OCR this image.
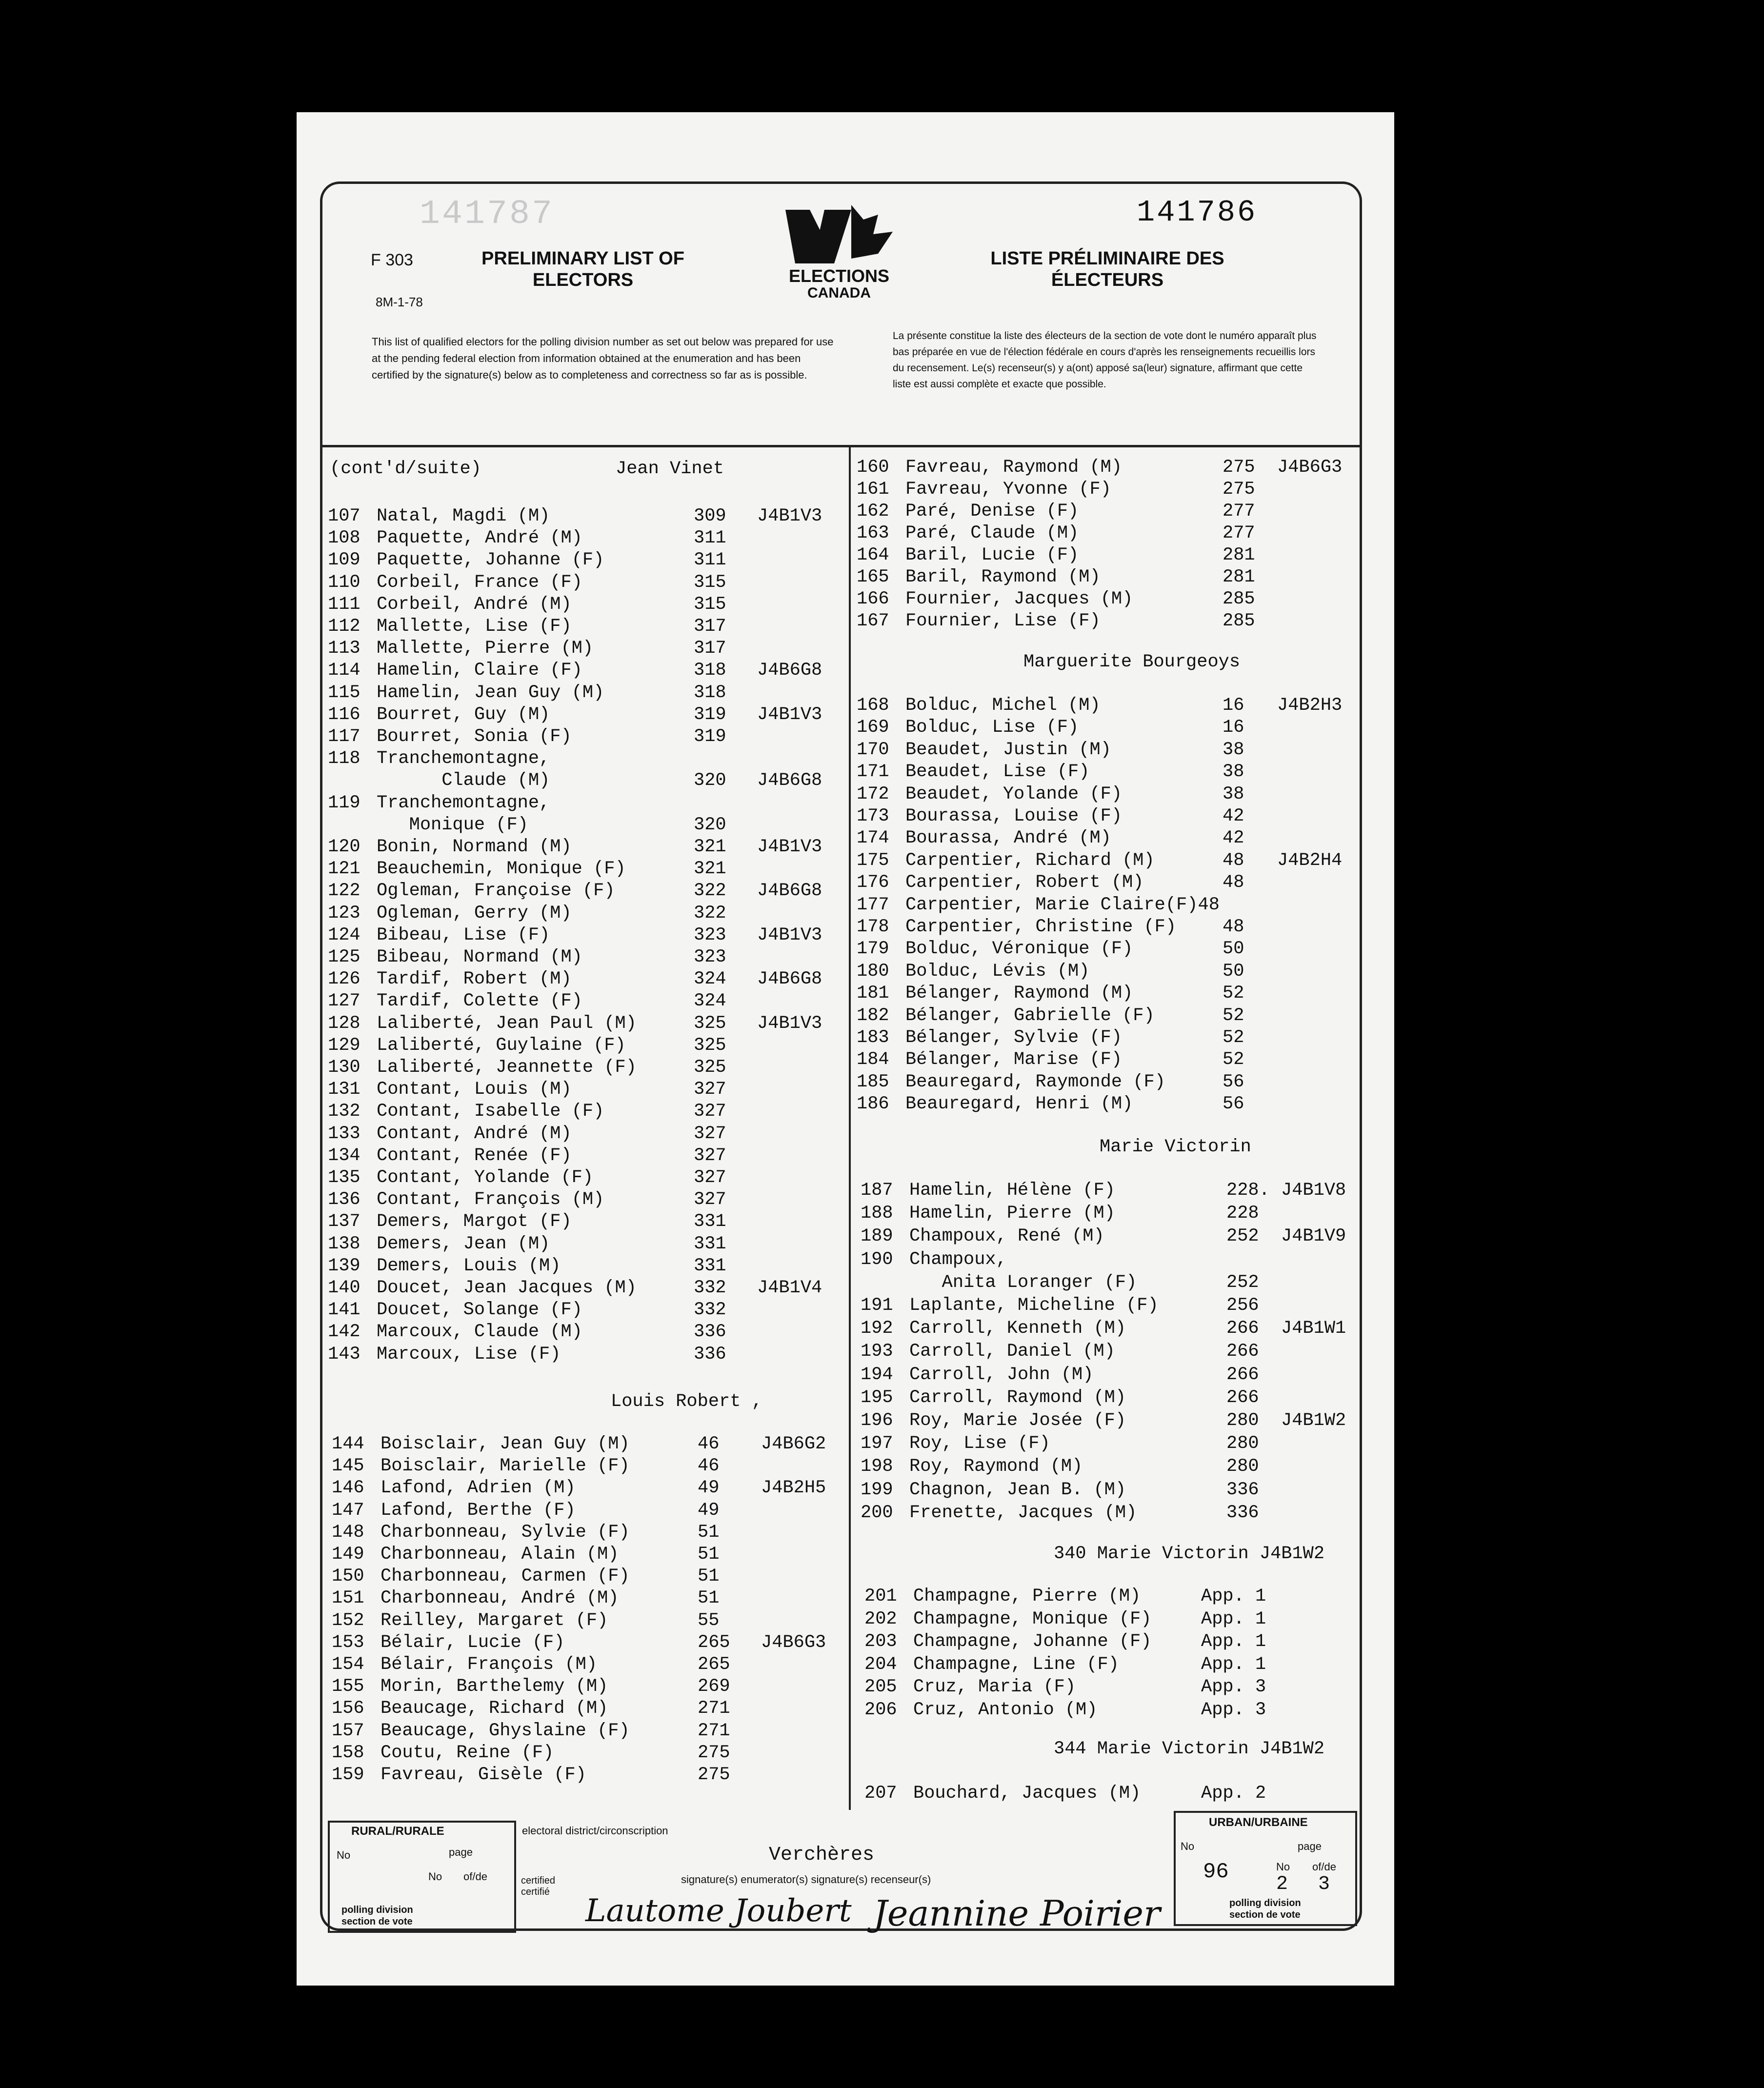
141787	141786
F 303
8M-1-78
PRELIMINARY LIST OF
ELECTORS
LISTE PRÉLIMINAIRE DES
ÉLECTEURS
ELECTIONS
CANADA
This list of qualified electors for the polling division number as set out below was prepared for use at the pending federal election from information obtained at the enumeration and has been certified by the signature(s) below as to completeness and correctness so far as is possible.
La présente constitue la liste des électeurs de la section de vote dont le numéro apparaît plus bas préparée en vue de l'élection fédérale en cours d'après les renseignements recueillis lors du recensement. Le(s) recenseur(s) y a(ont) apposé sa(leur) signature, affirmant que cette liste est aussi complète et exacte que possible.
(cont'd/suite)	Jean Vinet
Louis Robert ,
Marguerite Bourgeoys
Marie Victorin
340 Marie Victorin J4B1W2
344 Marie Victorin J4B1W2
107 Natal, Magdi (M)	309 J4B1V3
108 Paquette, André (M)	311
109 Paquette, Johanne (F)	311
110 Corbeil, France (F)	315
111 Corbeil, André (M)	315
112 Mallette, Lise (F)	317
113 Mallette, Pierre (M)	317
114 Hamelin, Claire (F)	318 J4B6G8
115 Hamelin, Jean Guy (M)	318
116 Bourret, Guy (M)	319 J4B1V3
117 Bourret, Sonia (F)	319
118 Tranchemontagne,
Claude (M)	320 J4B6G8
119 Tranchemontagne,
Monique (F)	320
120 Bonin, Normand (M)	321 J4B1V3
121 Beauchemin, Monique (F)	321
122 Ogleman, Françoise (F)	322 J4B6G8
123 Ogleman, Gerry (M)	322
124 Bibeau, Lise (F)	323 J4B1V3
125 Bibeau, Normand (M)	323
126 Tardif, Robert (M)	324 J4B6G8
127 Tardif, Colette (F)	324
128 Laliberté, Jean Paul (M)	325 J4B1V3
129 Laliberté, Guylaine (F)	325
130 Laliberté, Jeannette (F)	325
131 Contant, Louis (M)	327
132 Contant, Isabelle (F)	327
133 Contant, André (M)	327
134 Contant, Renée (F)	327
135 Contant, Yolande (F)	327
136 Contant, François (M)	327
137 Demers, Margot (F)	331
138 Demers, Jean (M)	331
139 Demers, Louis (M)	331
140 Doucet, Jean Jacques (M)	332 J4B1V4
141 Doucet, Solange (F)	332
142 Marcoux, Claude (M)	336
143 Marcoux, Lise (F)	336
144 Boisclair, Jean Guy (M)	46 J4B6G2
145 Boisclair, Marielle (F)	46
146 Lafond, Adrien (M)	49 J4B2H5
147 Lafond, Berthe (F)	49
148 Charbonneau, Sylvie (F)	51
149 Charbonneau, Alain (M)	51
150 Charbonneau, Carmen (F)	51
151 Charbonneau, André (M)	51
152 Reilley, Margaret (F)	55
153 Bélair, Lucie (F)	265 J4B6G3
154 Bélair, François (M)	265
155 Morin, Barthelemy (M)	269
156 Beaucage, Richard (M)	271
157 Beaucage, Ghyslaine (F)	271
158 Coutu, Reine (F)	275
159 Favreau, Gisèle (F)	275
160 Favreau, Raymond (M)	275 J4B6G3
161 Favreau, Yvonne (F)	275
162 Paré, Denise (F)	277
163 Paré, Claude (M)	277
164 Baril, Lucie (F)	281
165 Baril, Raymond (M)	281
166 Fournier, Jacques (M)	285
167 Fournier, Lise (F)	285
168 Bolduc, Michel (M)	16 J4B2H3
169 Bolduc, Lise (F)	16
170 Beaudet, Justin (M)	38
171 Beaudet, Lise (F)	38
172 Beaudet, Yolande (F)	38
173 Bourassa, Louise (F)	42
174 Bourassa, André (M)	42
175 Carpentier, Richard (M)	48 J4B2H4
176 Carpentier, Robert (M)	48
177 Carpentier, Marie Claire(F)48
178 Carpentier, Christine (F)	48
179 Bolduc, Véronique (F)	50
180 Bolduc, Lévis (M)	50
181 Bélanger, Raymond (M)	52
182 Bélanger, Gabrielle (F)	52
183 Bélanger, Sylvie (F)	52
184 Bélanger, Marise (F)	52
185 Beauregard, Raymonde (F)	56
186 Beauregard, Henri (M)	56
187 Hamelin, Hélène (F)	228. J4B1V8
188 Hamelin, Pierre (M)	228
189 Champoux, René (M)	252 J4B1V9
190 Champoux,
Anita Loranger (F)	252
191 Laplante, Micheline (F)	256
192 Carroll, Kenneth (M)	266 J4B1W1
193 Carroll, Daniel (M)	266
194 Carroll, John (M)	266
195 Carroll, Raymond (M)	266
196 Roy, Marie Josée (F)	280 J4B1W2
197 Roy, Lise (F)	280
198 Roy, Raymond (M)	280
199 Chagnon, Jean B. (M)	336
200 Frenette, Jacques (M)	336
201 Champagne, Pierre (M)	App. 1
202 Champagne, Monique (F)	App. 1
203 Champagne, Johanne (F)	App. 1
204 Champagne, Line (F)	App. 1
205 Cruz, Maria (F)	App. 3
206 Cruz, Antonio (M)	App. 3
207 Bouchard, Jacques (M)	App. 2
RURAL/RURALE
No	page
No of/de
polling division
section de vote
electoral district/circonscription
Verchères
certified certifié
signature(s) enumerator(s) signature(s) recenseur(s)
Lautome Joubert Jeannine Poirier
URBAN/URBAINE
No
96
page
No of/de
2 3
polling division
section de vote
